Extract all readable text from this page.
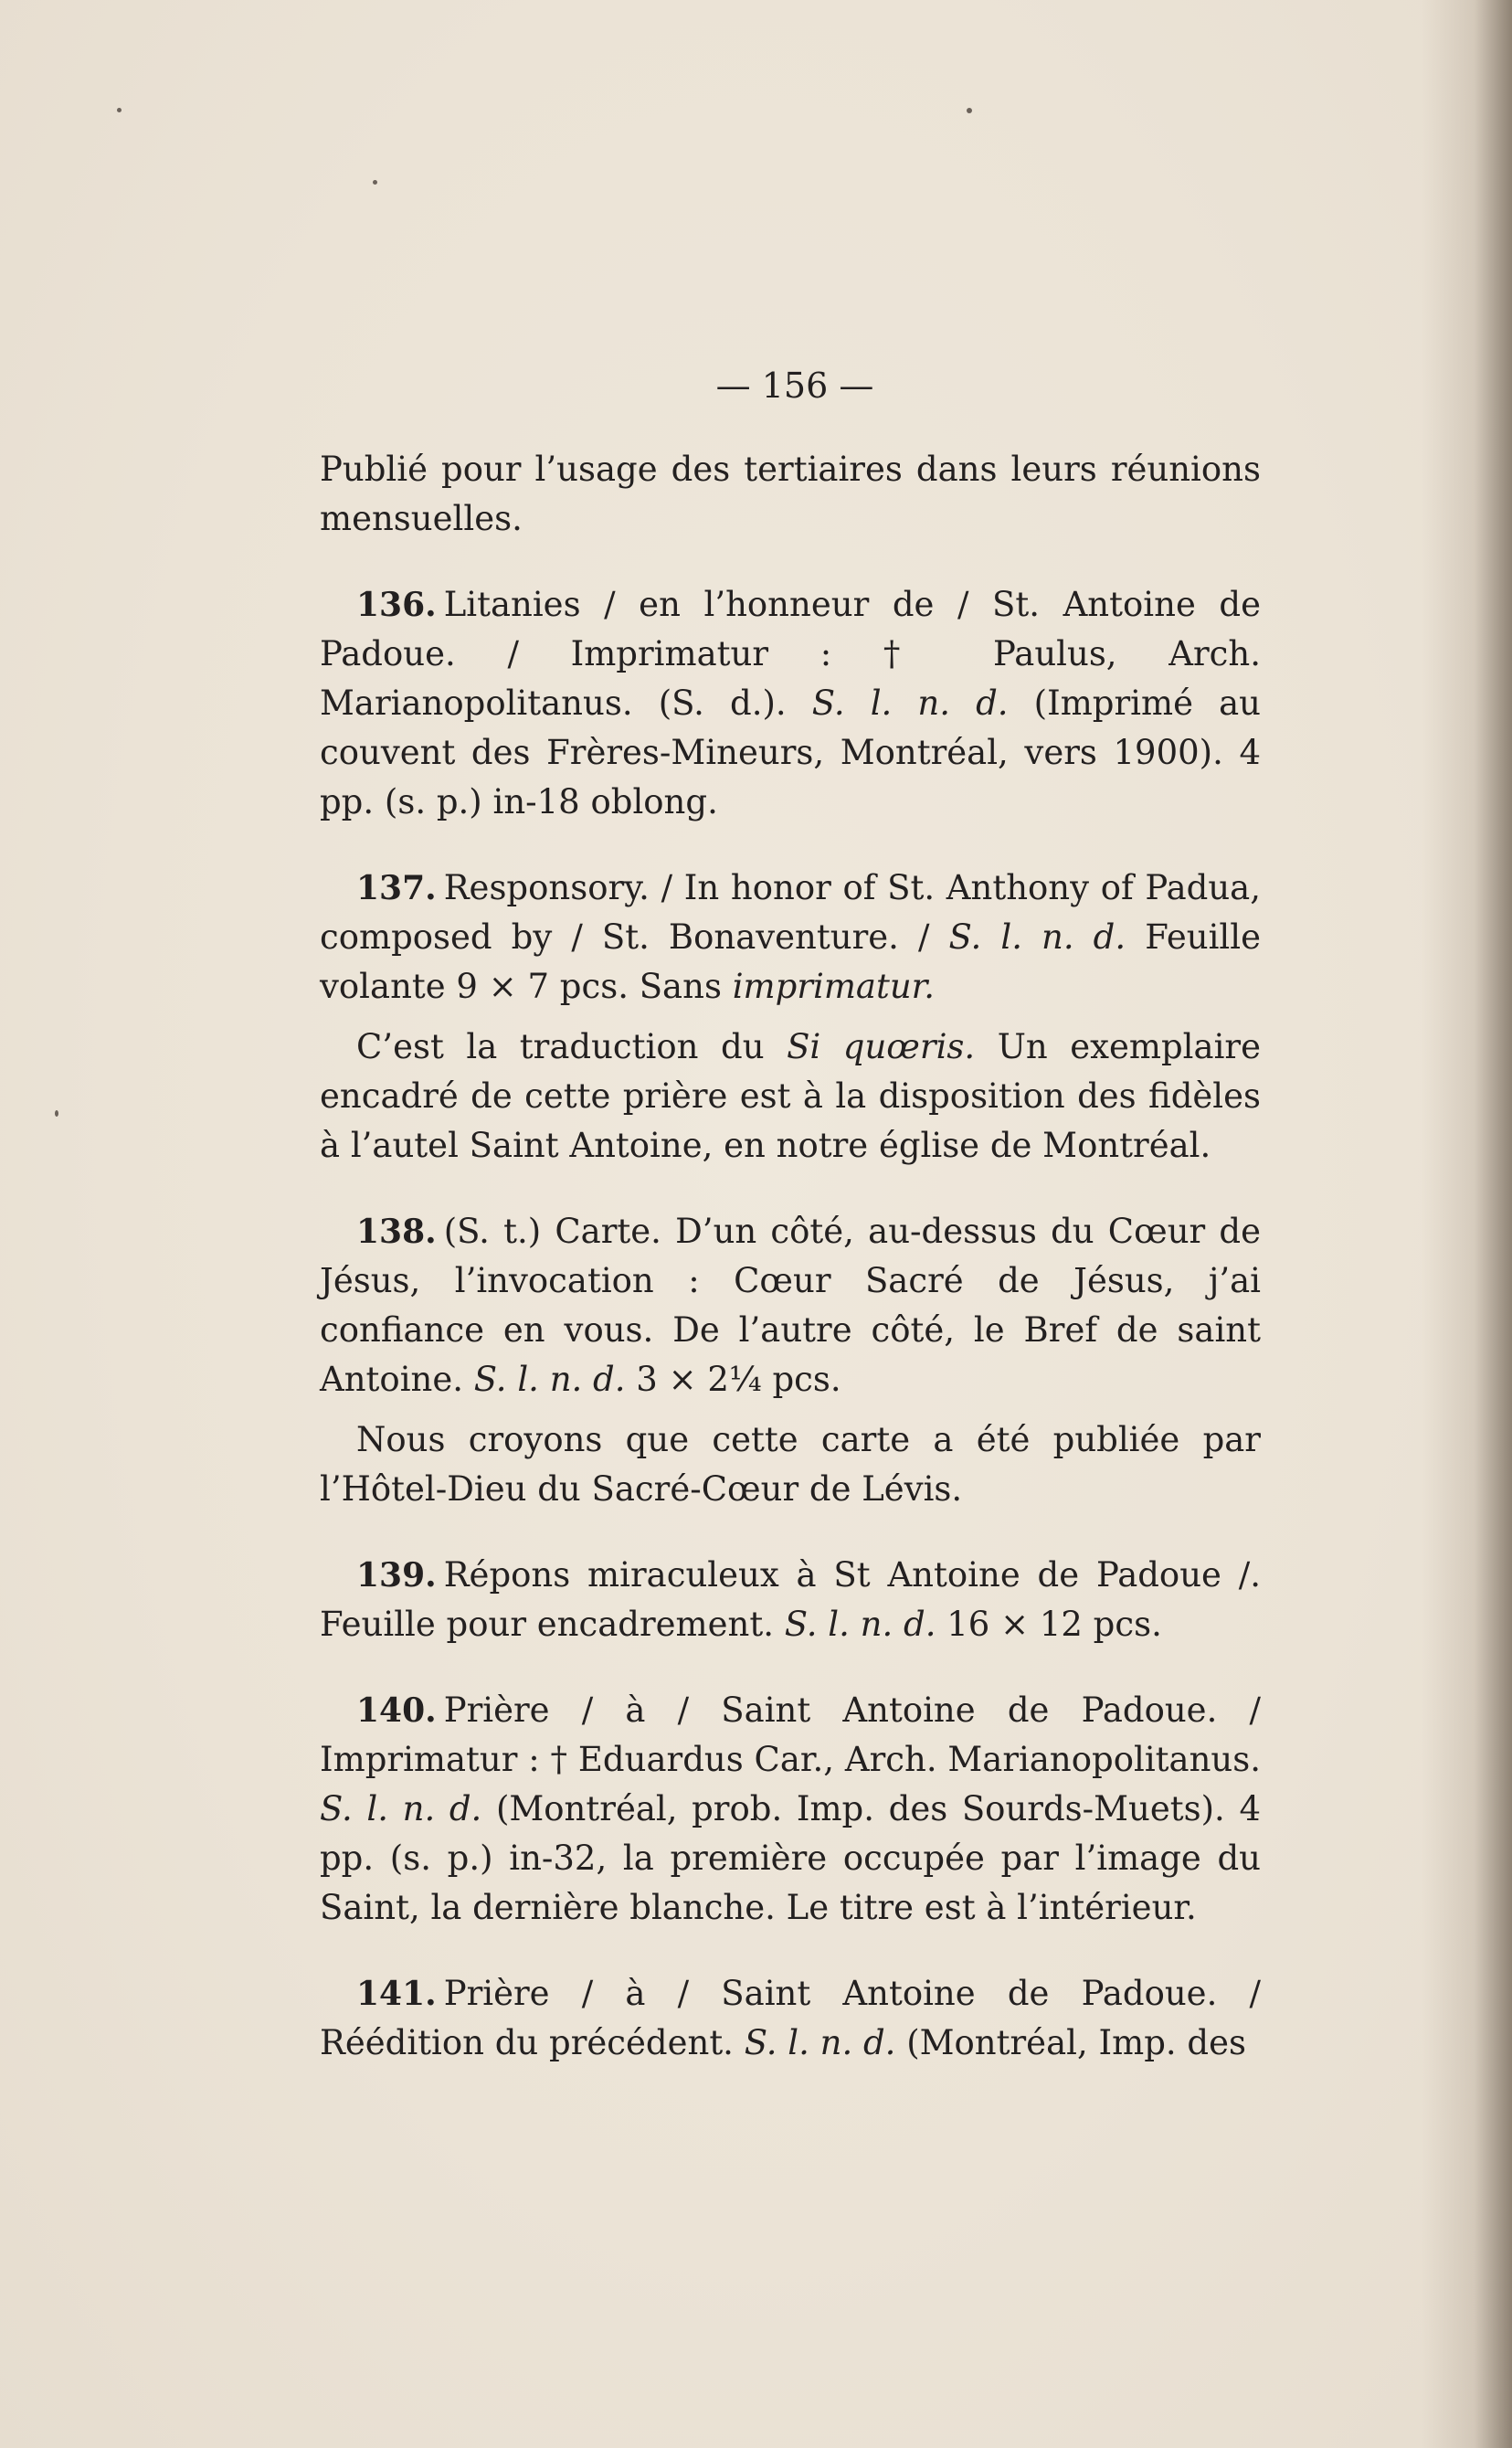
— 156 —

Publié pour l’usage des tertiaires dans leurs réunions mensuelles.

136. Litanies / en l’honneur de / St. Antoine de Padoue. / Imprimatur : † Paulus, Arch. Marianopolitanus. (S. d.). S. l. n. d. (Imprimé au couvent des Frères-Mineurs, Montréal, vers 1900). 4 pp. (s. p.) in-18 oblong.

137. Responsory. / In honor of St. Anthony of Padua, composed by / St. Bonaventure. / S. l. n. d. Feuille volante 9 × 7 pcs. Sans imprimatur.

C’est la traduction du Si quœris. Un exemplaire encadré de cette prière est à la disposition des fidèles à l’autel Saint Antoine, en notre église de Montréal.

138. (S. t.) Carte. D’un côté, au-dessus du Cœur de Jésus, l’invocation : Cœur Sacré de Jésus, j’ai confiance en vous. De l’autre côté, le Bref de saint Antoine. S. l. n. d. 3 × 2¼ pcs.

Nous croyons que cette carte a été publiée par l’Hôtel-Dieu du Sacré-Cœur de Lévis.

139. Répons miraculeux à St Antoine de Padoue /. Feuille pour encadrement. S. l. n. d. 16 × 12 pcs.

140. Prière / à / Saint Antoine de Padoue. / Imprimatur : † Eduardus Car., Arch. Marianopolitanus. S. l. n. d. (Montréal, prob. Imp. des Sourds-Muets). 4 pp. (s. p.) in-32, la première occupée par l’image du Saint, la dernière blanche. Le titre est à l’intérieur.

141. Prière / à / Saint Antoine de Padoue. / Réédition du précédent. S. l. n. d. (Montréal, Imp. des
